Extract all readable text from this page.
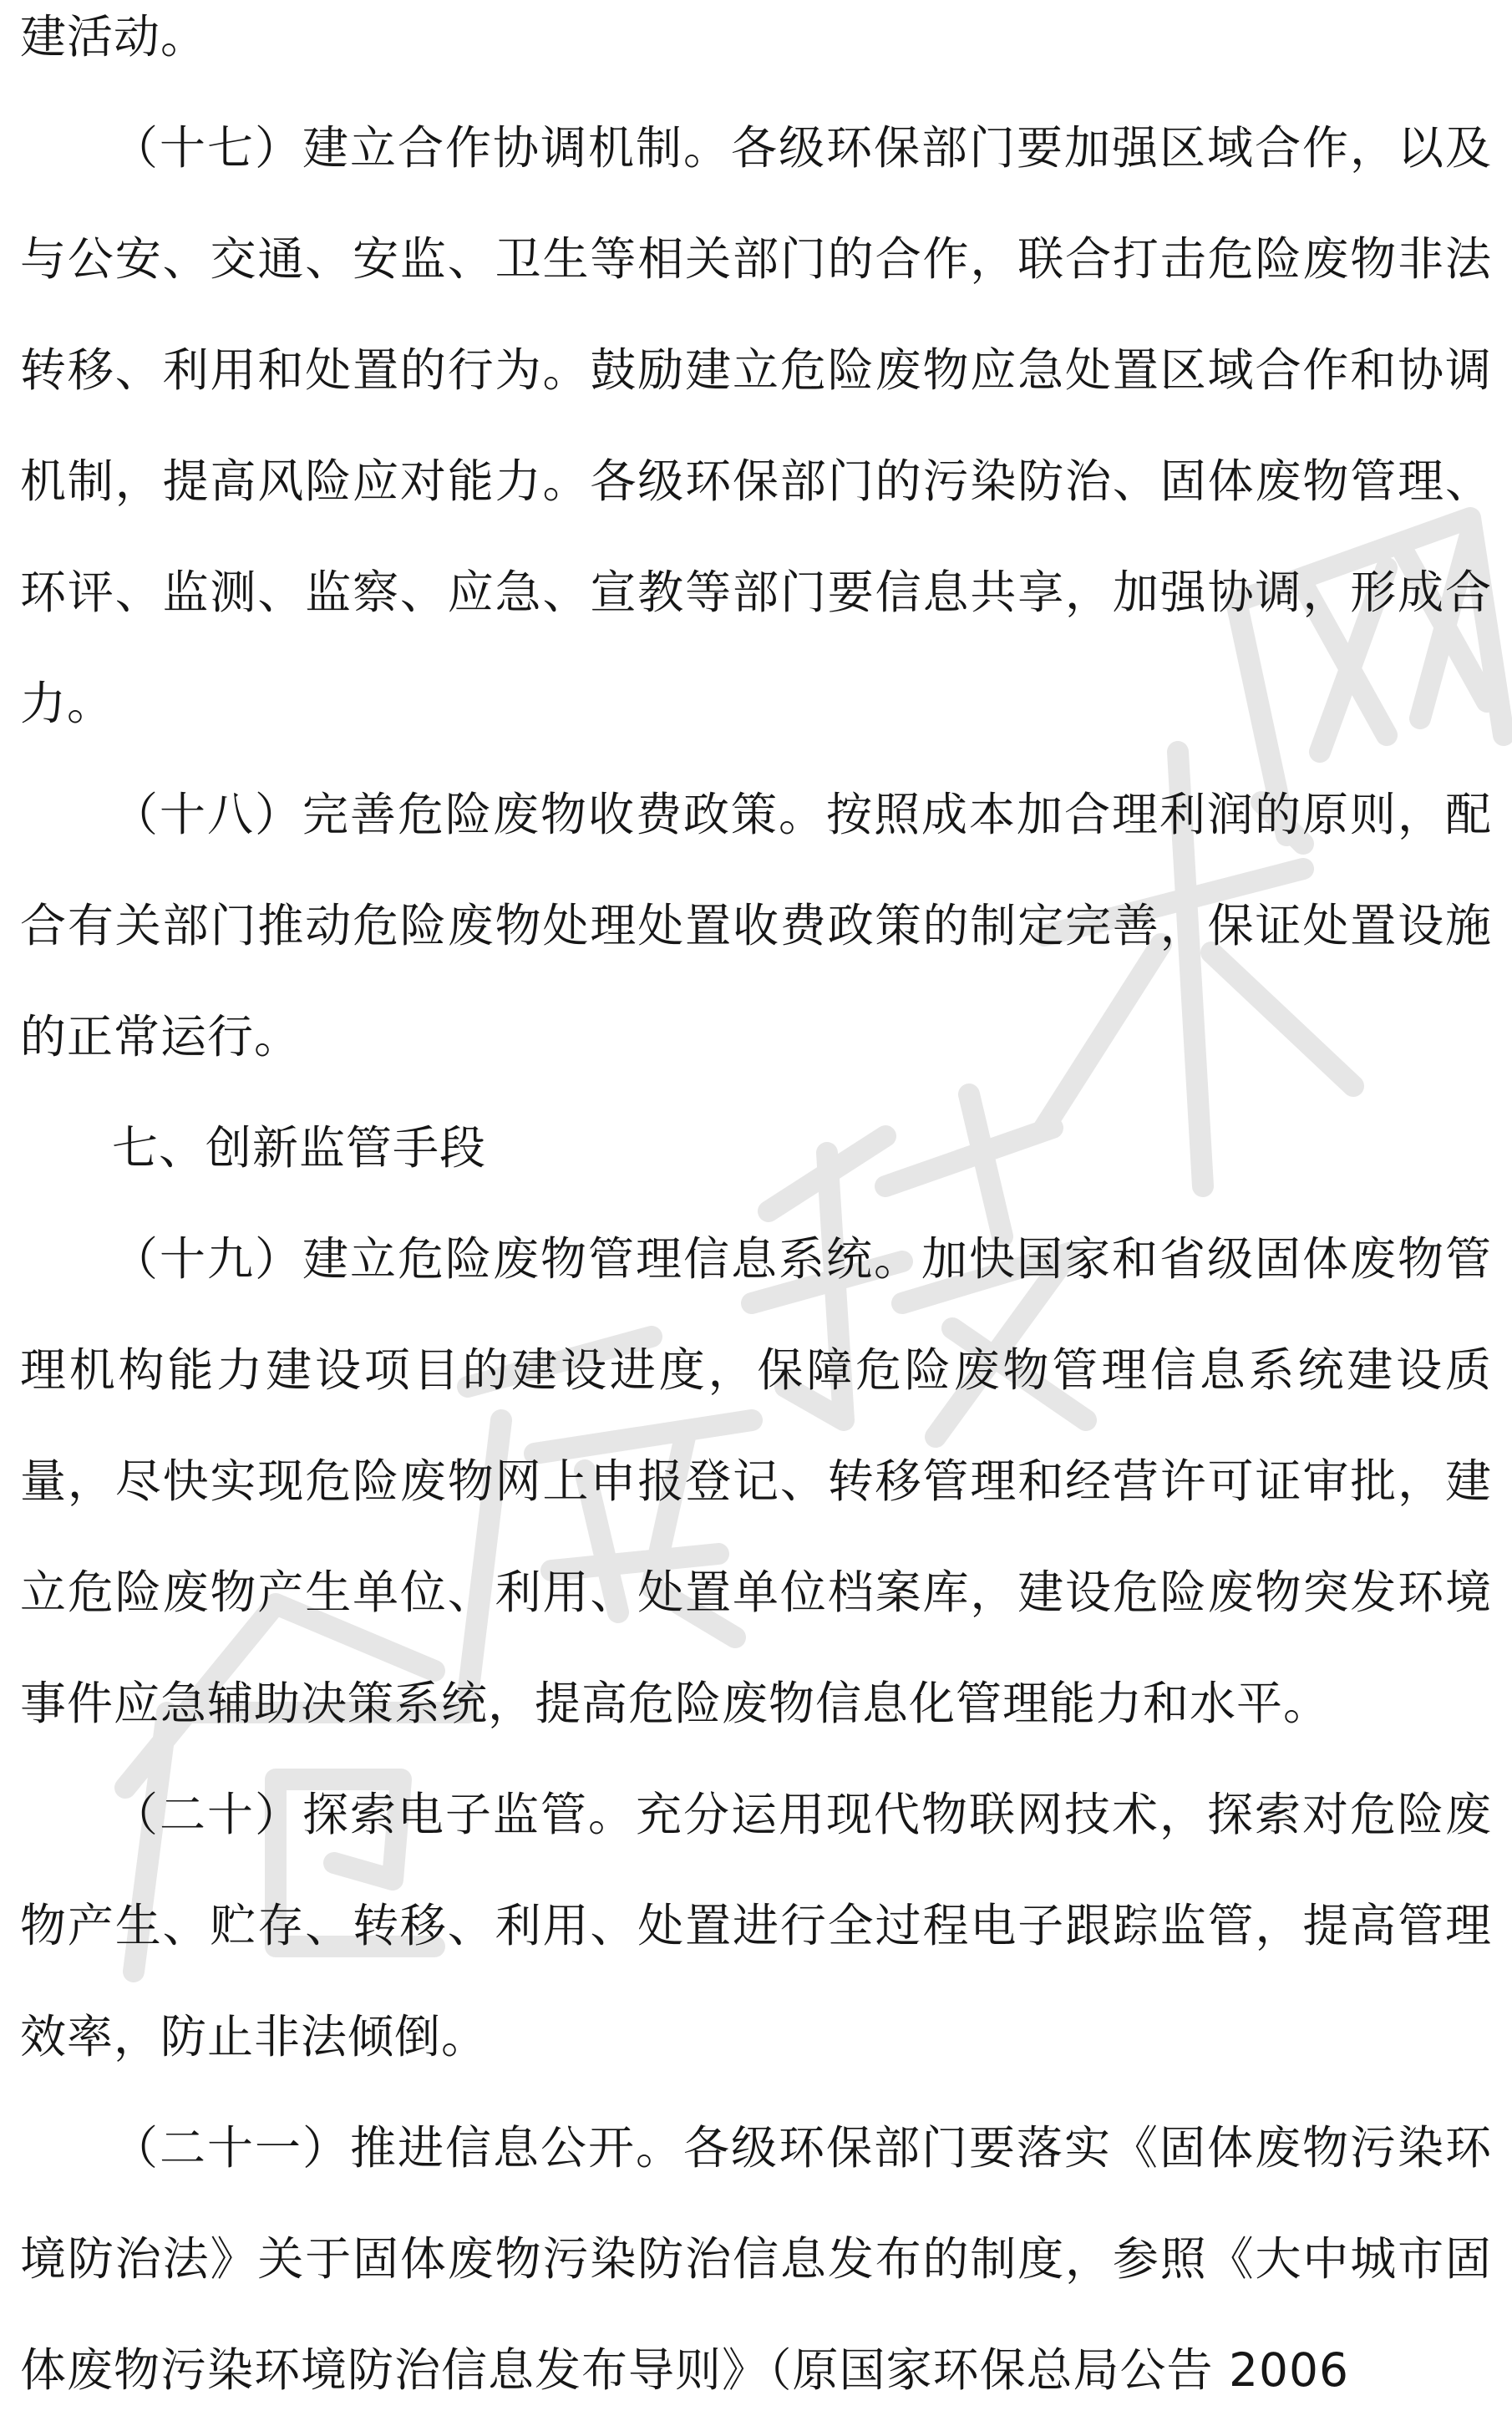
建活动。

（十七）建立合作协调机制。各级环保部门要加强区域合作，以及与公安、交通、安监、卫生等相关部门的合作，联合打击危险废物非法转移、利用和处置的行为。鼓励建立危险废物应急处置区域合作和协调机制，提高风险应对能力。各级环保部门的污染防治、固体废物管理、环评、监测、监察、应急、宣教等部门要信息共享，加强协调，形成合力。

（十八）完善危险废物收费政策。按照成本加合理利润的原则，配合有关部门推动危险废物处理处置收费政策的制定完善，保证处置设施的正常运行。

七、创新监管手段

（十九）建立危险废物管理信息系统。加快国家和省级固体废物管理机构能力建设项目的建设进度，保障危险废物管理信息系统建设质量，尽快实现危险废物网上申报登记、转移管理和经营许可证审批，建立危险废物产生单位、利用、处置单位档案库，建设危险废物突发环境事件应急辅助决策系统，提高危险废物信息化管理能力和水平。

（二十）探索电子监管。充分运用现代物联网技术，探索对危险废物产生、贮存、转移、利用、处置进行全过程电子跟踪监管，提高管理效率，防止非法倾倒。

（二十一）推进信息公开。各级环保部门要落实《固体废物污染环境防治法》关于固体废物污染防治信息发布的制度，参照《大中城市固体废物污染环境防治信息发布导则》（原国家环保总局公告 2006
